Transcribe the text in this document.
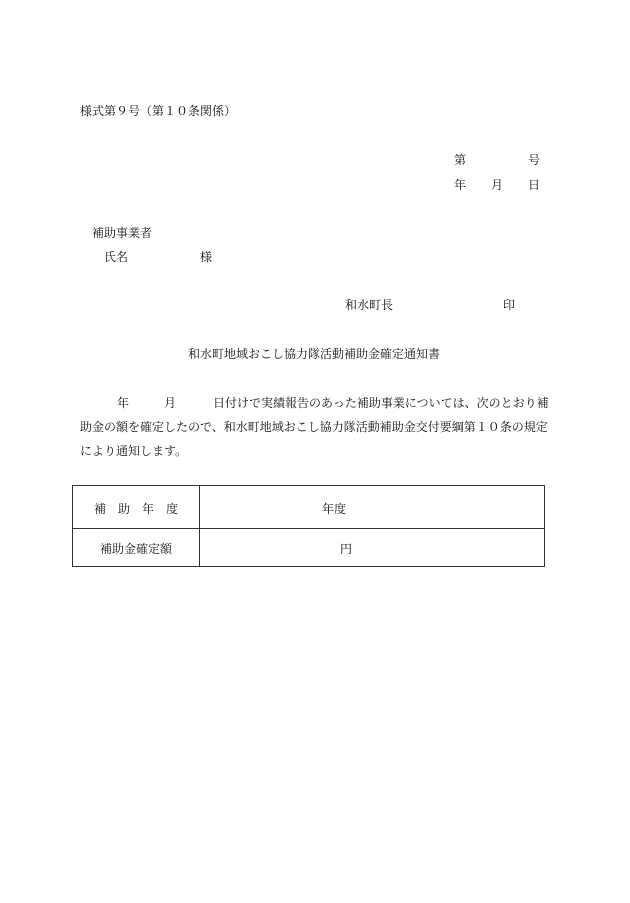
様式第９号（第１０条関係）
第	号
年 月 日
補助事業者
氏名	様
和水町長	印
和水町地域おこし協力隊活動補助金確定通知書
年	月	日付けで実績報告のあった補助事業については、次のとおり補
助金の額を確定したので、和水町地域おこし協力隊活動補助金交付要綱第１０条の規定
により通知します。
補　助　年　度	年度
補助金確定額	円
